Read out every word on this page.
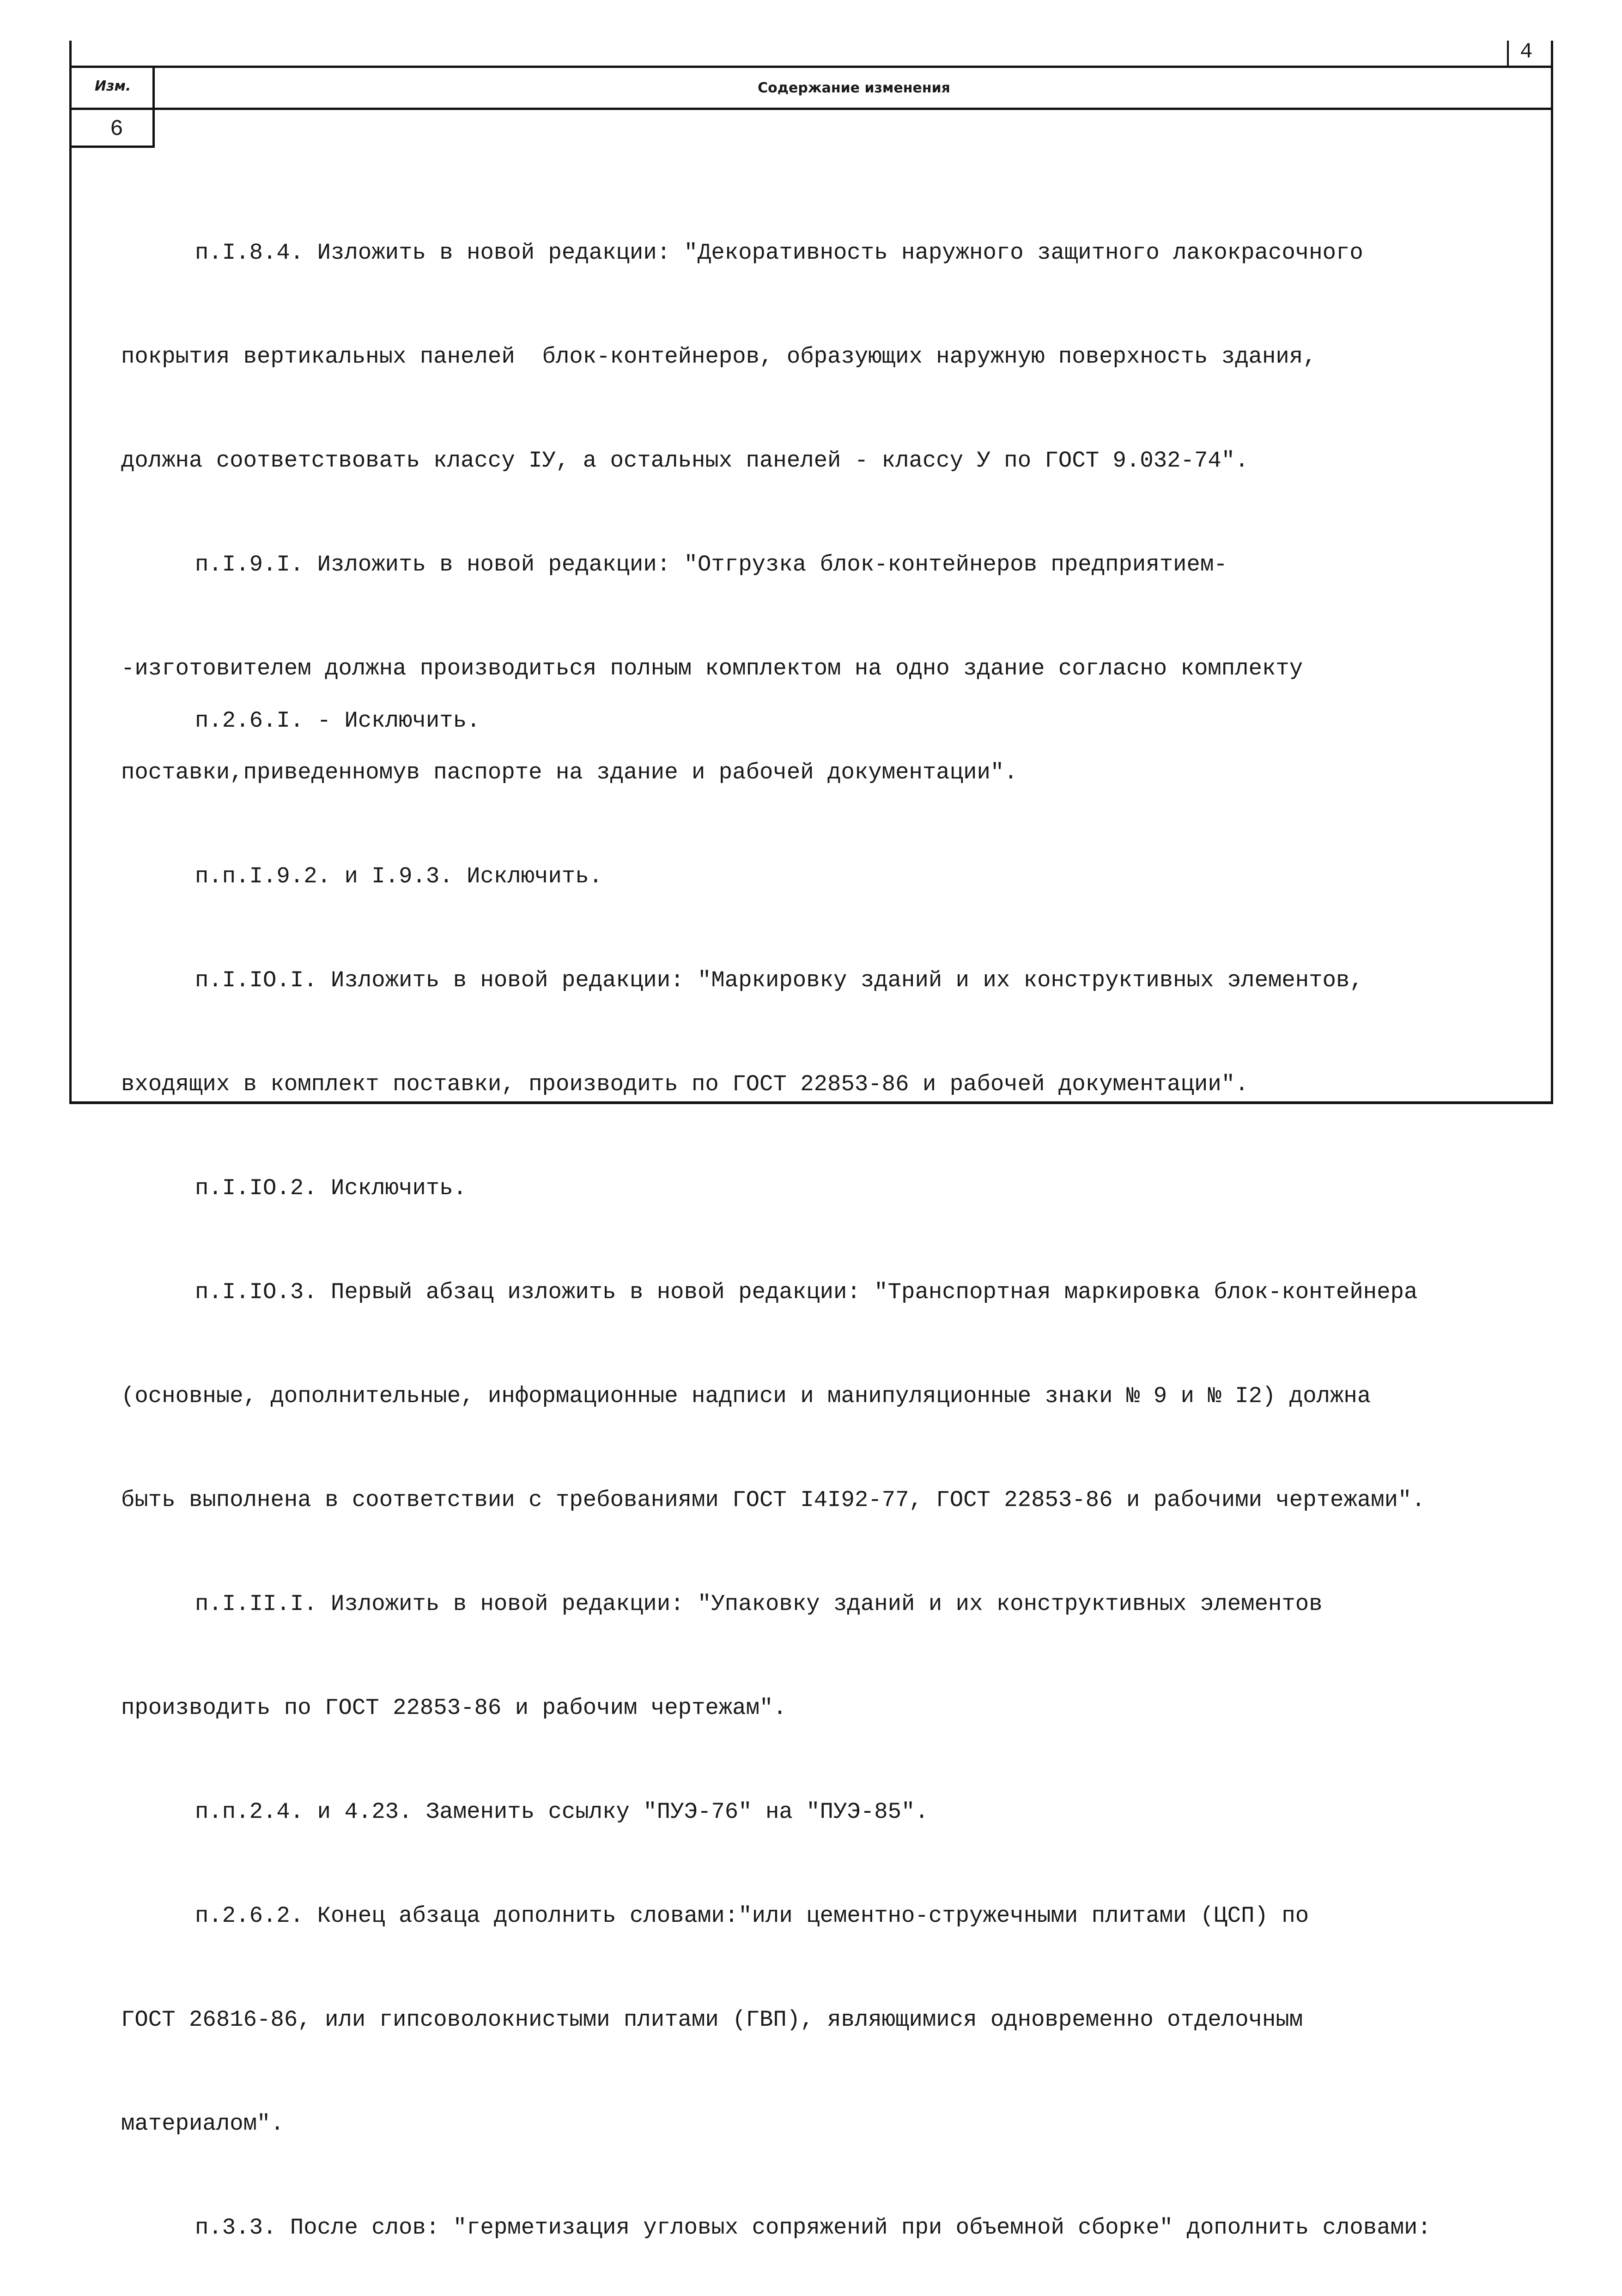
4
Изм.	Содержание изменения
6

п.I.8.4. Изложить в новой редакции: "Декоративность наружного защитного лакокрасочного

покрытия вертикальных панелей  блок-контейнеров, образующих наружную поверхность здания,

должна соответствовать классу IУ, а остальных панелей - классу У по ГОСТ 9.032-74".

п.I.9.I. Изложить в новой редакции: "Отгрузка блок-контейнеров предприятием-

-изготовителем должна производиться полным комплектом на одно здание согласно комплекту

поставки,приведенномув паспорте на здание и рабочей документации".

п.п.I.9.2. и I.9.3. Исключить.

п.I.IO.I. Изложить в новой редакции: "Маркировку зданий и их конструктивных элементов,

входящих в комплект поставки, производить по ГОСТ 22853-86 и рабочей документации".

п.I.IO.2. Исключить.

п.I.IO.3. Первый абзац изложить в новой редакции: "Транспортная маркировка блок-контейнера

(основные, дополнительные, информационные надписи и манипуляционные знаки № 9 и № I2) должна

быть выполнена в соответствии с требованиями ГОСТ I4I92-77, ГОСТ 22853-86 и рабочими чертежами".

п.I.II.I. Изложить в новой редакции: "Упаковку зданий и их конструктивных элементов

производить по ГОСТ 22853-86 и рабочим чертежам".

п.п.2.4. и 4.23. Заменить ссылку "ПУЭ-76" на "ПУЭ-85".

п.2.6.2. Конец абзаца дополнить словами:"или цементно-стружечными плитами (ЦСП) по

ГОСТ 26816-86, или гипсоволокнистыми плитами (ГВП), являющимися одновременно отделочным

материалом".

п.3.3. После слов: "герметизация угловых сопряжений при объемной сборке" дополнить словами:

п.2.6.I. - Исключить.
